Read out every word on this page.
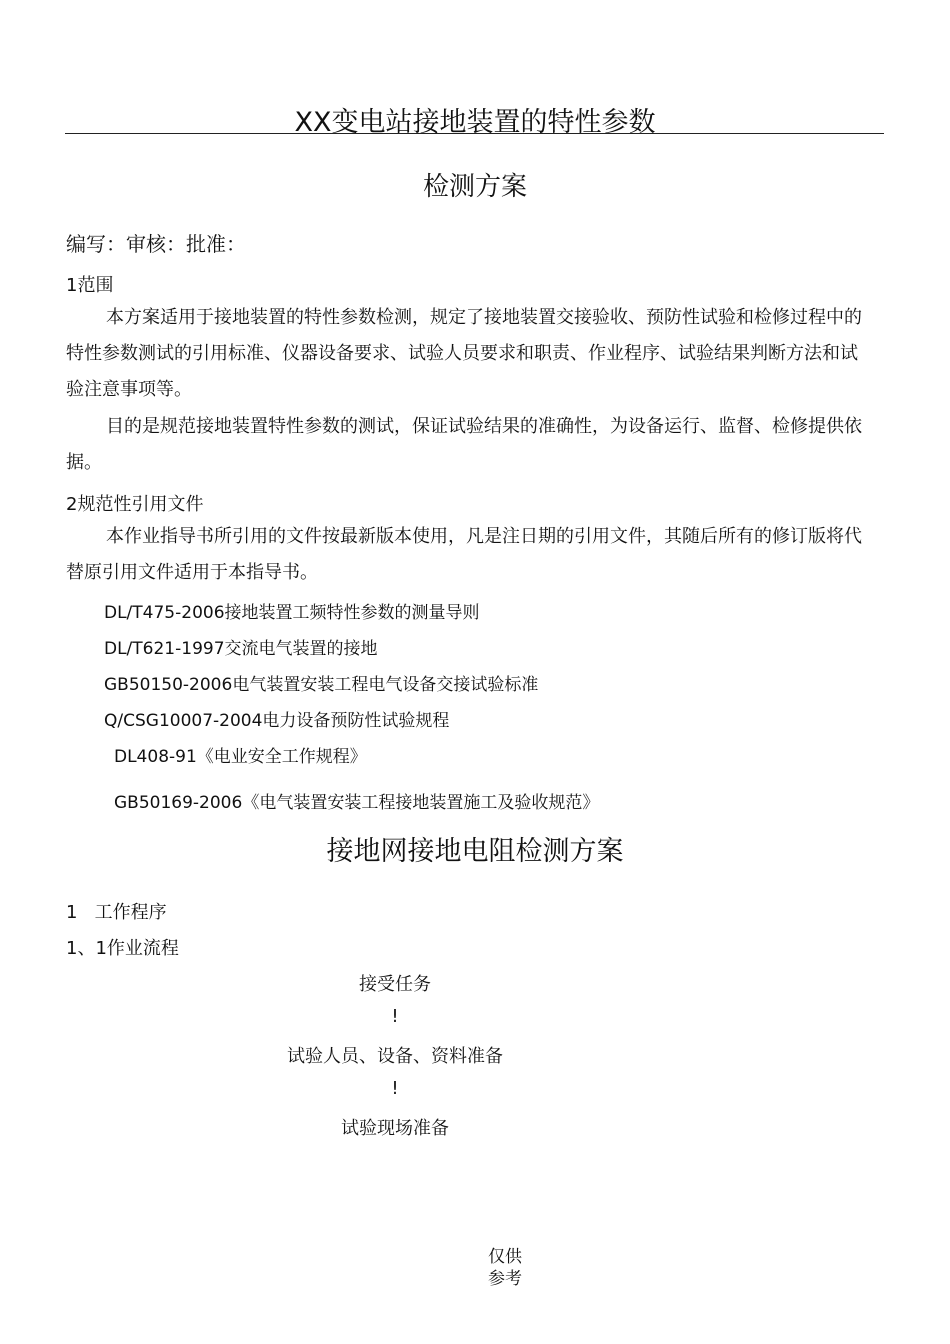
XX变电站接地装置的特性参数
检测方案
编写：审核：批准：
1范围
本方案适用于接地装置的特性参数检测，规定了接地装置交接验收、预防性试验和检修过程中的特性参数测试的引用标准、仪器设备要求、试验人员要求和职责、作业程序、试验结果判断方法和试验注意事项等。
目的是规范接地装置特性参数的测试，保证试验结果的准确性，为设备运行、监督、检修提供依据。
2规范性引用文件
本作业指导书所引用的文件按最新版本使用，凡是注日期的引用文件，其随后所有的修订版将代替原引用文件适用于本指导书。
DL/T475-2006接地装置工频特性参数的测量导则
DL/T621-1997交流电气装置的接地
GB50150-2006电气装置安装工程电气设备交接试验标准
Q/CSG10007-2004电力设备预防性试验规程
DL408-91《电业安全工作规程》
GB50169-2006《电气装置安装工程接地装置施工及验收规范》
接地网接地电阻检测方案
1   工作程序
1、1作业流程
接受任务
!
试验人员、设备、资料准备
!
试验现场准备
仅供参考
